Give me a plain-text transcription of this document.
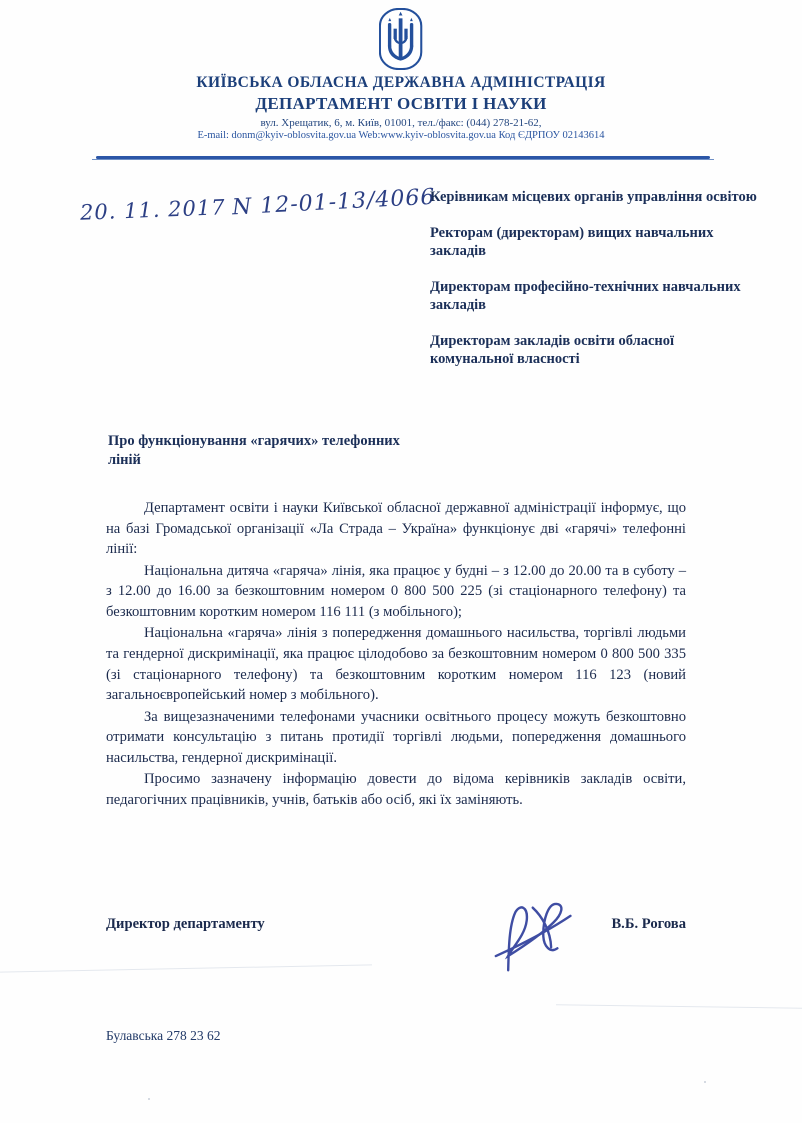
КИЇВСЬКА ОБЛАСНА ДЕРЖАВНА АДМІНІСТРАЦІЯ
ДЕПАРТАМЕНТ ОСВІТИ І НАУКИ
вул. Хрещатик, 6, м. Київ, 01001, тел./факс: (044) 278-21-62,
E-mail: donm@kyiv-oblosvita.gov.ua Web:www.kyiv-oblosvita.gov.ua Код ЄДРПОУ 02143614
20. 11. 2017 N 12-01-13/4066
Керівникам місцевих органів управління освітою
Ректорам (директорам) вищих навчальних закладів
Директорам професійно-технічних навчальних закладів
Директорам закладів освіти обласної комунальної власності
Про функціонування «гарячих» телефонних ліній

Департамент освіти і науки Київської обласної державної адміністрації інформує, що на базі Громадської організації «Ла Страда – Україна» функціонує дві «гарячі» телефонні лінії:

Національна дитяча «гаряча» лінія, яка працює у будні – з 12.00 до 20.00 та в суботу – з 12.00 до 16.00 за безкоштовним номером 0 800 500 225 (зі стаціонарного телефону) та безкоштовним коротким номером 116 111 (з мобільного);

Національна «гаряча» лінія з попередження домашнього насильства, торгівлі людьми та гендерної дискримінації, яка працює цілодобово за безкоштовним номером 0 800 500 335 (зі стаціонарного телефону) та безкоштовним коротким номером 116 123 (новий загальноєвропейський номер з мобільного).

За вищезазначеними телефонами учасники освітнього процесу можуть безкоштовно отримати консультацію з питань протидії торгівлі людьми, попередження домашнього насильства, гендерної дискримінації.

Просимо зазначену інформацію довести до відома керівників закладів освіти, педагогічних працівників, учнів, батьків або осіб, які їх заміняють.

Директор департаменту	В.Б. Рогова
Булавська 278 23 62
